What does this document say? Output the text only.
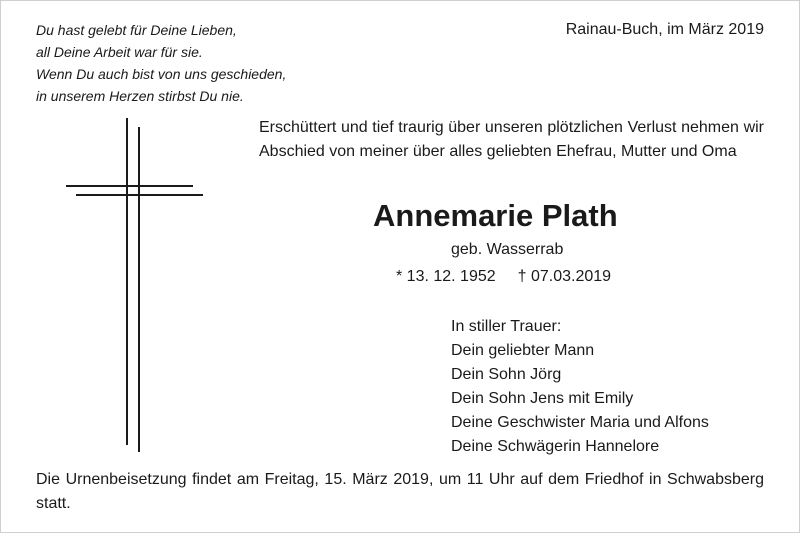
Du hast gelebt für Deine Lieben,
all Deine Arbeit war für sie.
Wenn Du auch bist von uns geschieden,
in unserem Herzen stirbst Du nie.
Rainau-Buch, im März 2019
Erschüttert und tief traurig über unseren plötzlichen Verlust nehmen wir Abschied von meiner über alles geliebten Ehefrau, Mutter und Oma
Annemarie Plath
geb. Wasserrab
* 13. 12. 1952 † 07.03.2019
In stiller Trauer:
Dein geliebter Mann
Dein Sohn Jörg
Dein Sohn Jens mit Emily
Deine Geschwister Maria und Alfons
Deine Schwägerin Hannelore
Die Urnenbeisetzung findet am Freitag, 15. März 2019, um 11 Uhr auf dem Friedhof in Schwabsberg statt.
